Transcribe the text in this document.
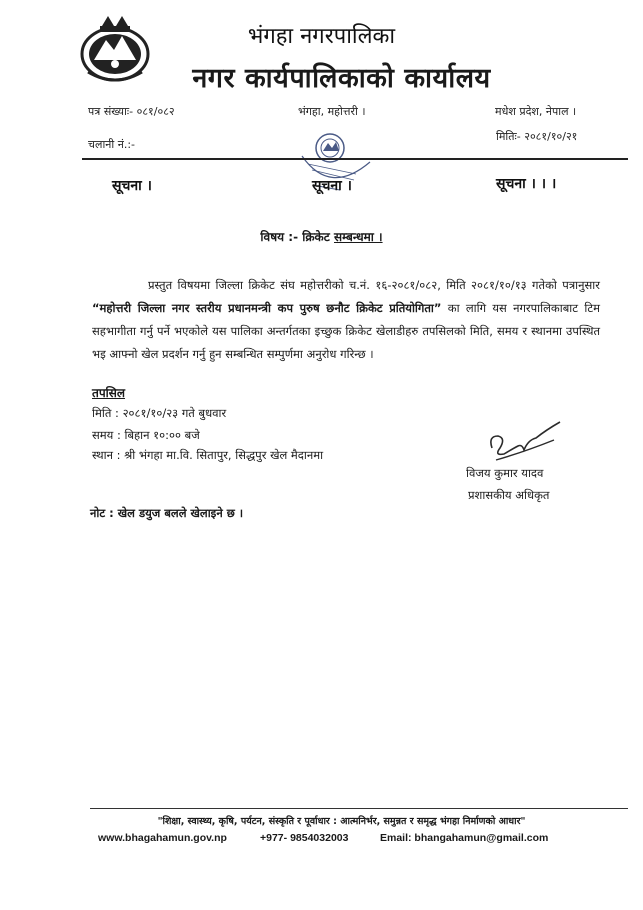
भंगहा नगरपालिका
नगर कार्यपालिकाको कार्यालय
पत्र संख्याः- ०८१/०८२	भंगहा, महोत्तरी ।	मधेश प्रदेश, नेपाल ।
चलानी नं.:-
मितिः- २०८१/१०/२१
सूचना ।	सूचना ।	सूचना । । ।
विषय :- क्रिकेट सम्बन्धमा ।
प्रस्तुत विषयमा जिल्ला क्रिकेट संघ महोत्तरीको च.नं. १६-२०८१/०८२, मिति २०८१/१०/१३ गतेको पत्रानुसार “महोत्तरी जिल्ला नगर स्तरीय प्रधानमन्त्री कप पुरुष छनौट क्रिकेट प्रतियोगिता” का लागि यस नगरपालिकाबाट टिम सहभागीता गर्नु पर्ने भएकोले यस पालिका अन्तर्गतका इच्छुक क्रिकेट खेलाडीहरु तपसिलको मिति, समय र स्थानमा उपस्थित भइ आफ्नो खेल प्रदर्शन गर्नु हुन सम्बन्धित सम्पुर्णमा अनुरोध गरिन्छ ।
तपसिल
मिति : २०८१/१०/२३ गते बुधवार
समय : बिहान १०:०० बजे
स्थान : श्री भंगहा मा.वि. सितापुर, सिद्धपुर खेल मैदानमा
विजय कुमार यादव
प्रशासकीय अधिकृत
नोट : खेल डयुज बलले खेलाइने छ ।
"शिक्षा, स्वास्थ्य, कृषि, पर्यटन, संस्कृति र पूर्वाधार : आत्मनिर्भर, समुन्नत र समृद्ध भंगहा निर्माणको आधार"
www.bhagahamun.gov.np	+977- 9854032003	Email: bhangahamun@gmail.com
